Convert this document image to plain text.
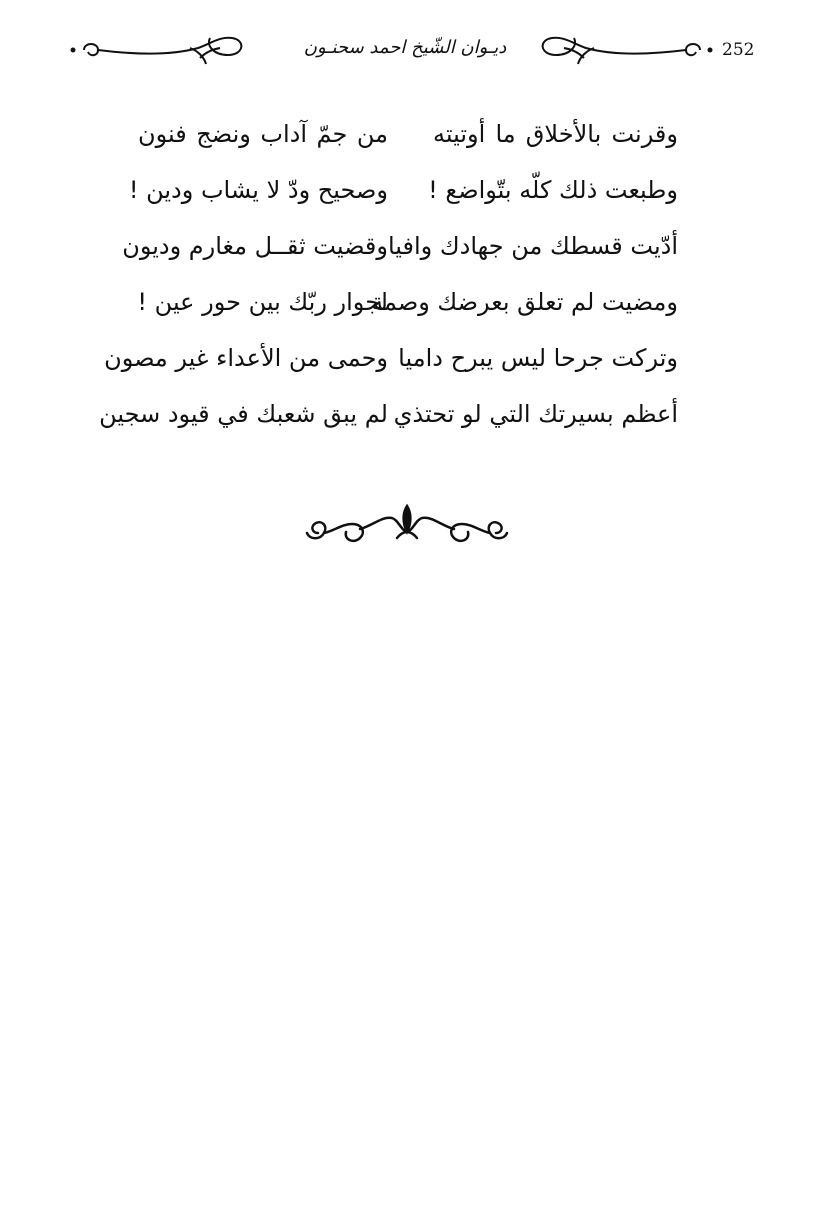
252
ديـوان الشّيخ احمد سحنـون
وقرنت بالأخلاق ما أوتيته
من جمّ آداب ونضج فنون
وطبعت ذلك كلّه بتّواضع !
وصحيح ودّ لا يشاب ودين !
أدّيت قسطك من جهادك وافيا
وقضيت ثقــل مغارم وديون
ومضيت لم تعلق بعرضك وصمة
لجوار ربّك بين حور عين !
وتركت جرحا ليس يبرح داميا
وحمى من الأعداء غير مصون
أعظم بسيرتك التي لو تحتذي
لم يبق شعبك في قيود سجين
